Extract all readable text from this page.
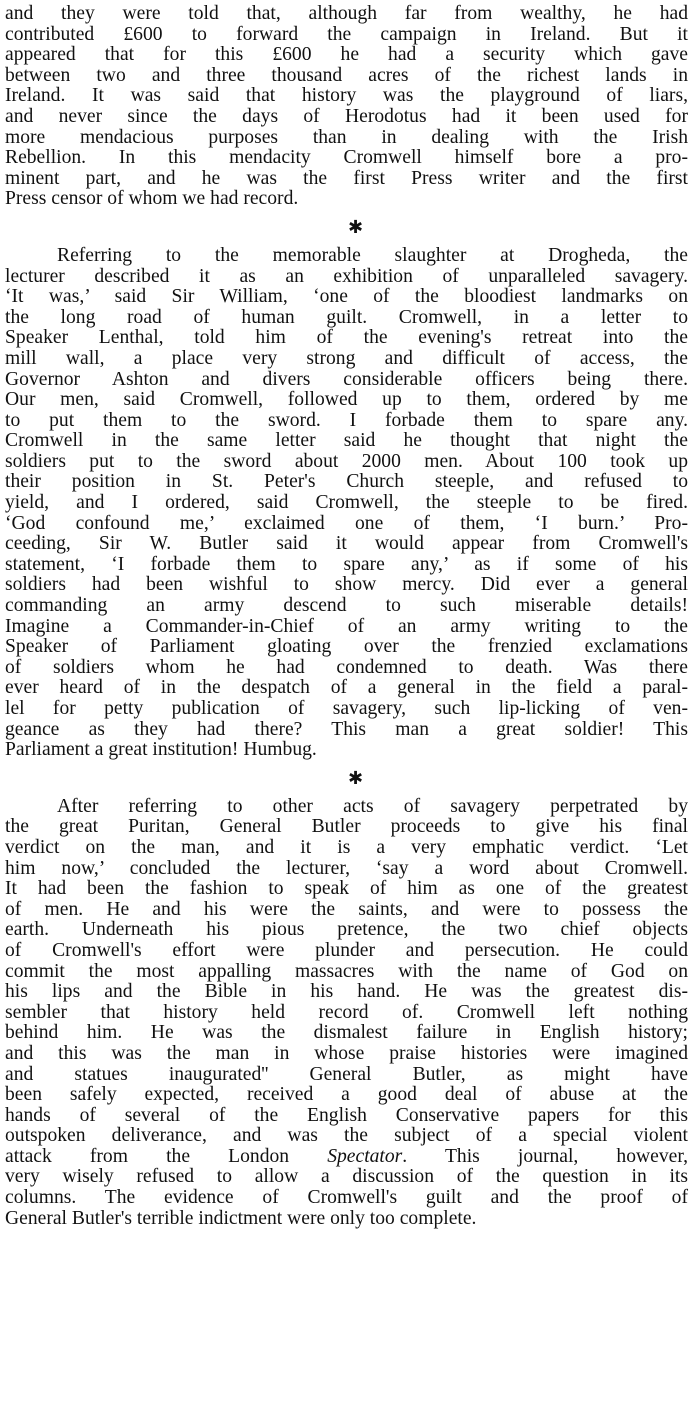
and they were told that, although far from wealthy, he had
contributed £600 to forward the campaign in Ireland. But it
appeared that for this £600 he had a security which gave
between two and three thousand acres of the richest lands in
Ireland. It was said that history was the playground of liars,
and never since the days of Herodotus had it been used for
more mendacious purposes than in dealing with the Irish
Rebellion. In this mendacity Cromwell himself bore a pro-
minent part, and he was the first Press writer and the first
Press censor of whom we had record.
✱
Referring to the memorable slaughter at Drogheda, the
lecturer described it as an exhibition of unparalleled savagery.
‘It was,’ said Sir William, ‘one of the bloodiest landmarks on
the long road of human guilt. Cromwell, in a letter to
Speaker Lenthal, told him of the evening's retreat into the
mill wall, a place very strong and difficult of access, the
Governor Ashton and divers considerable officers being there.
Our men, said Cromwell, followed up to them, ordered by me
to put them to the sword. I forbade them to spare any.
Cromwell in the same letter said he thought that night the
soldiers put to the sword about 2000 men. About 100 took up
their position in St. Peter's Church steeple, and refused to
yield, and I ordered, said Cromwell, the steeple to be fired.
‘God confound me,’ exclaimed one of them, ‘I burn.’ Pro-
ceeding, Sir W. Butler said it would appear from Cromwell's
statement, ‘I forbade them to spare any,’ as if some of his
soldiers had been wishful to show mercy. Did ever a general
commanding an army descend to such miserable details!
Imagine a Commander-in-Chief of an army writing to the
Speaker of Parliament gloating over the frenzied exclamations
of soldiers whom he had condemned to death. Was there
ever heard of in the despatch of a general in the field a paral-
lel for petty publication of savagery, such lip-licking of ven-
geance as they had there? This man a great soldier! This
Parliament a great institution! Humbug.
✱
After referring to other acts of savagery perpetrated by
the great Puritan, General Butler proceeds to give his final
verdict on the man, and it is a very emphatic verdict. ‘Let
him now,’ concluded the lecturer, ‘say a word about Cromwell.
It had been the fashion to speak of him as one of the greatest
of men. He and his were the saints, and were to possess the
earth. Underneath his pious pretence, the two chief objects
of Cromwell's effort were plunder and persecution. He could
commit the most appalling massacres with the name of God on
his lips and the Bible in his hand. He was the greatest dis-
sembler that history held record of. Cromwell left nothing
behind him. He was the dismalest failure in English history;
and this was the man in whose praise histories were imagined
and statues inaugurated'' General Butler, as might have
been safely expected, received a good deal of abuse at the
hands of several of the English Conservative papers for this
outspoken deliverance, and was the subject of a special violent
attack from the London Spectator. This journal, however,
very wisely refused to allow a discussion of the question in its
columns. The evidence of Cromwell's guilt and the proof of
General Butler's terrible indictment were only too complete.
